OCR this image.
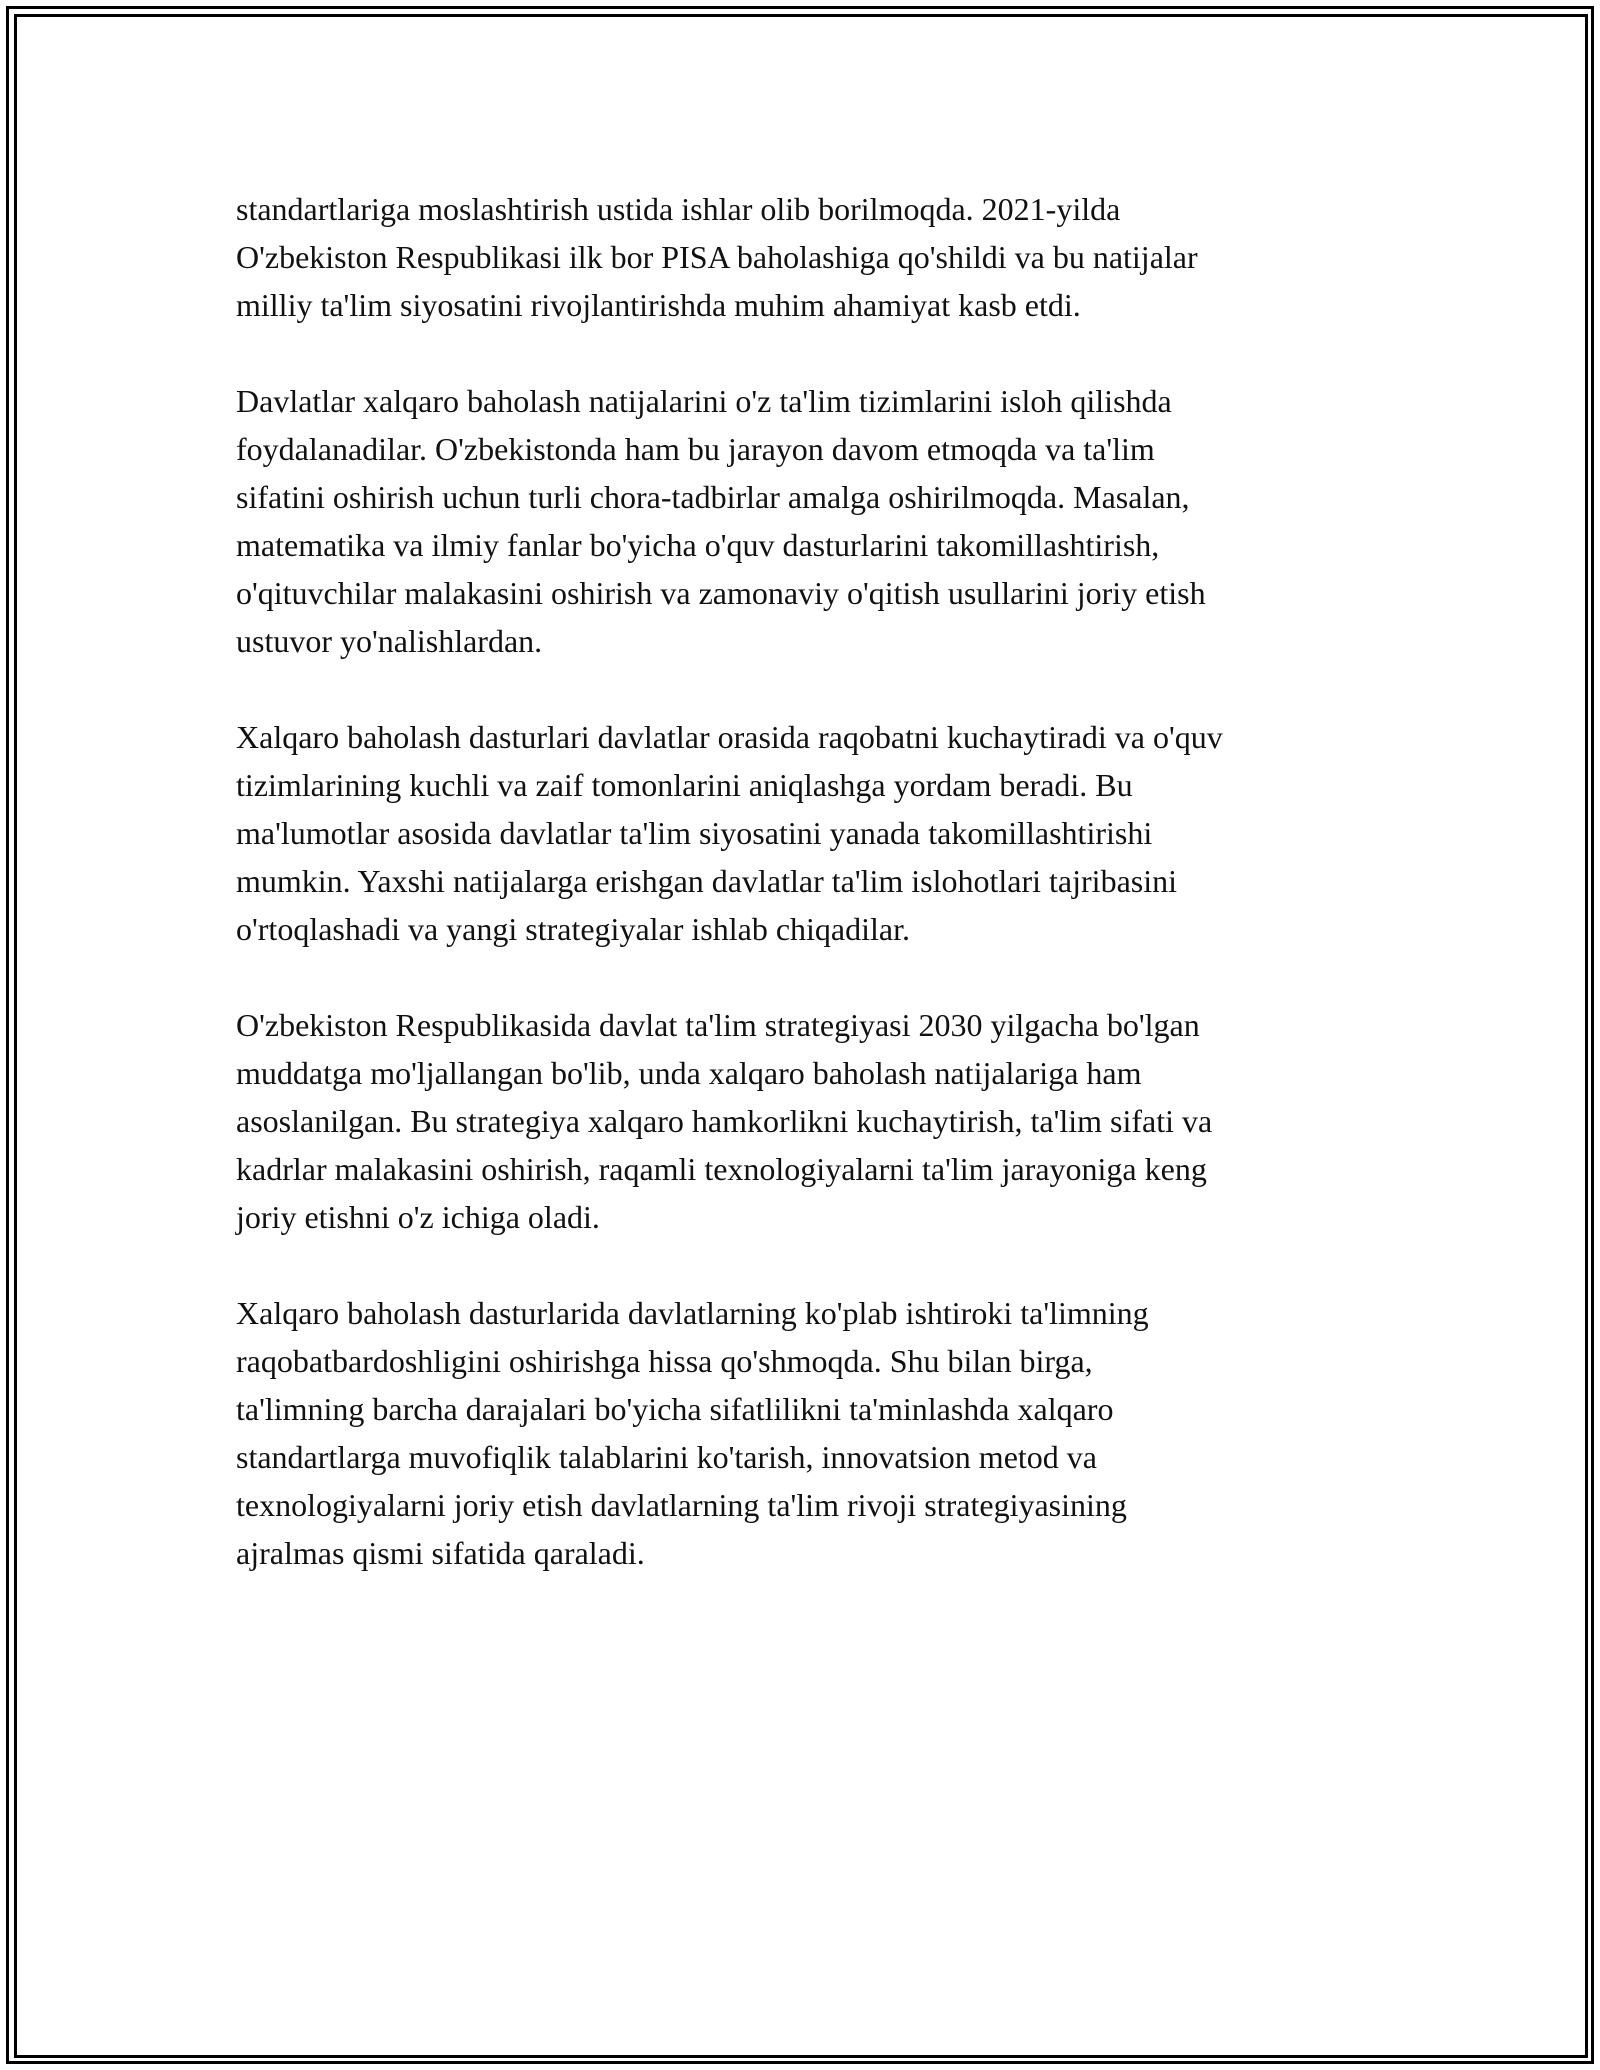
standartlariga moslashtirish ustida ishlar olib borilmoqda. 2021-yilda
O'zbekiston Respublikasi ilk bor PISA baholashiga qo'shildi va bu natijalar
milliy ta'lim siyosatini rivojlantirishda muhim ahamiyat kasb etdi.

Davlatlar xalqaro baholash natijalarini o'z ta'lim tizimlarini isloh qilishda
foydalanadilar. O'zbekistonda ham bu jarayon davom etmoqda va ta'lim
sifatini oshirish uchun turli chora-tadbirlar amalga oshirilmoqda. Masalan,
matematika va ilmiy fanlar bo'yicha o'quv dasturlarini takomillashtirish,
o'qituvchilar malakasini oshirish va zamonaviy o'qitish usullarini joriy etish
ustuvor yo'nalishlardan.

Xalqaro baholash dasturlari davlatlar orasida raqobatni kuchaytiradi va o'quv
tizimlarining kuchli va zaif tomonlarini aniqlashga yordam beradi. Bu
ma'lumotlar asosida davlatlar ta'lim siyosatini yanada takomillashtirishi
mumkin. Yaxshi natijalarga erishgan davlatlar ta'lim islohotlari tajribasini
o'rtoqlashadi va yangi strategiyalar ishlab chiqadilar.

O'zbekiston Respublikasida davlat ta'lim strategiyasi 2030 yilgacha bo'lgan
muddatga mo'ljallangan bo'lib, unda xalqaro baholash natijalariga ham
asoslanilgan. Bu strategiya xalqaro hamkorlikni kuchaytirish, ta'lim sifati va
kadrlar malakasini oshirish, raqamli texnologiyalarni ta'lim jarayoniga keng
joriy etishni o'z ichiga oladi.

Xalqaro baholash dasturlarida davlatlarning ko'plab ishtiroki ta'limning
raqobatbardoshligini oshirishga hissa qo'shmoqda. Shu bilan birga,
ta'limning barcha darajalari bo'yicha sifatlilikni ta'minlashda xalqaro
standartlarga muvofiqlik talablarini ko'tarish, innovatsion metod va
texnologiyalarni joriy etish davlatlarning ta'lim rivoji strategiyasining
ajralmas qismi sifatida qaraladi.
